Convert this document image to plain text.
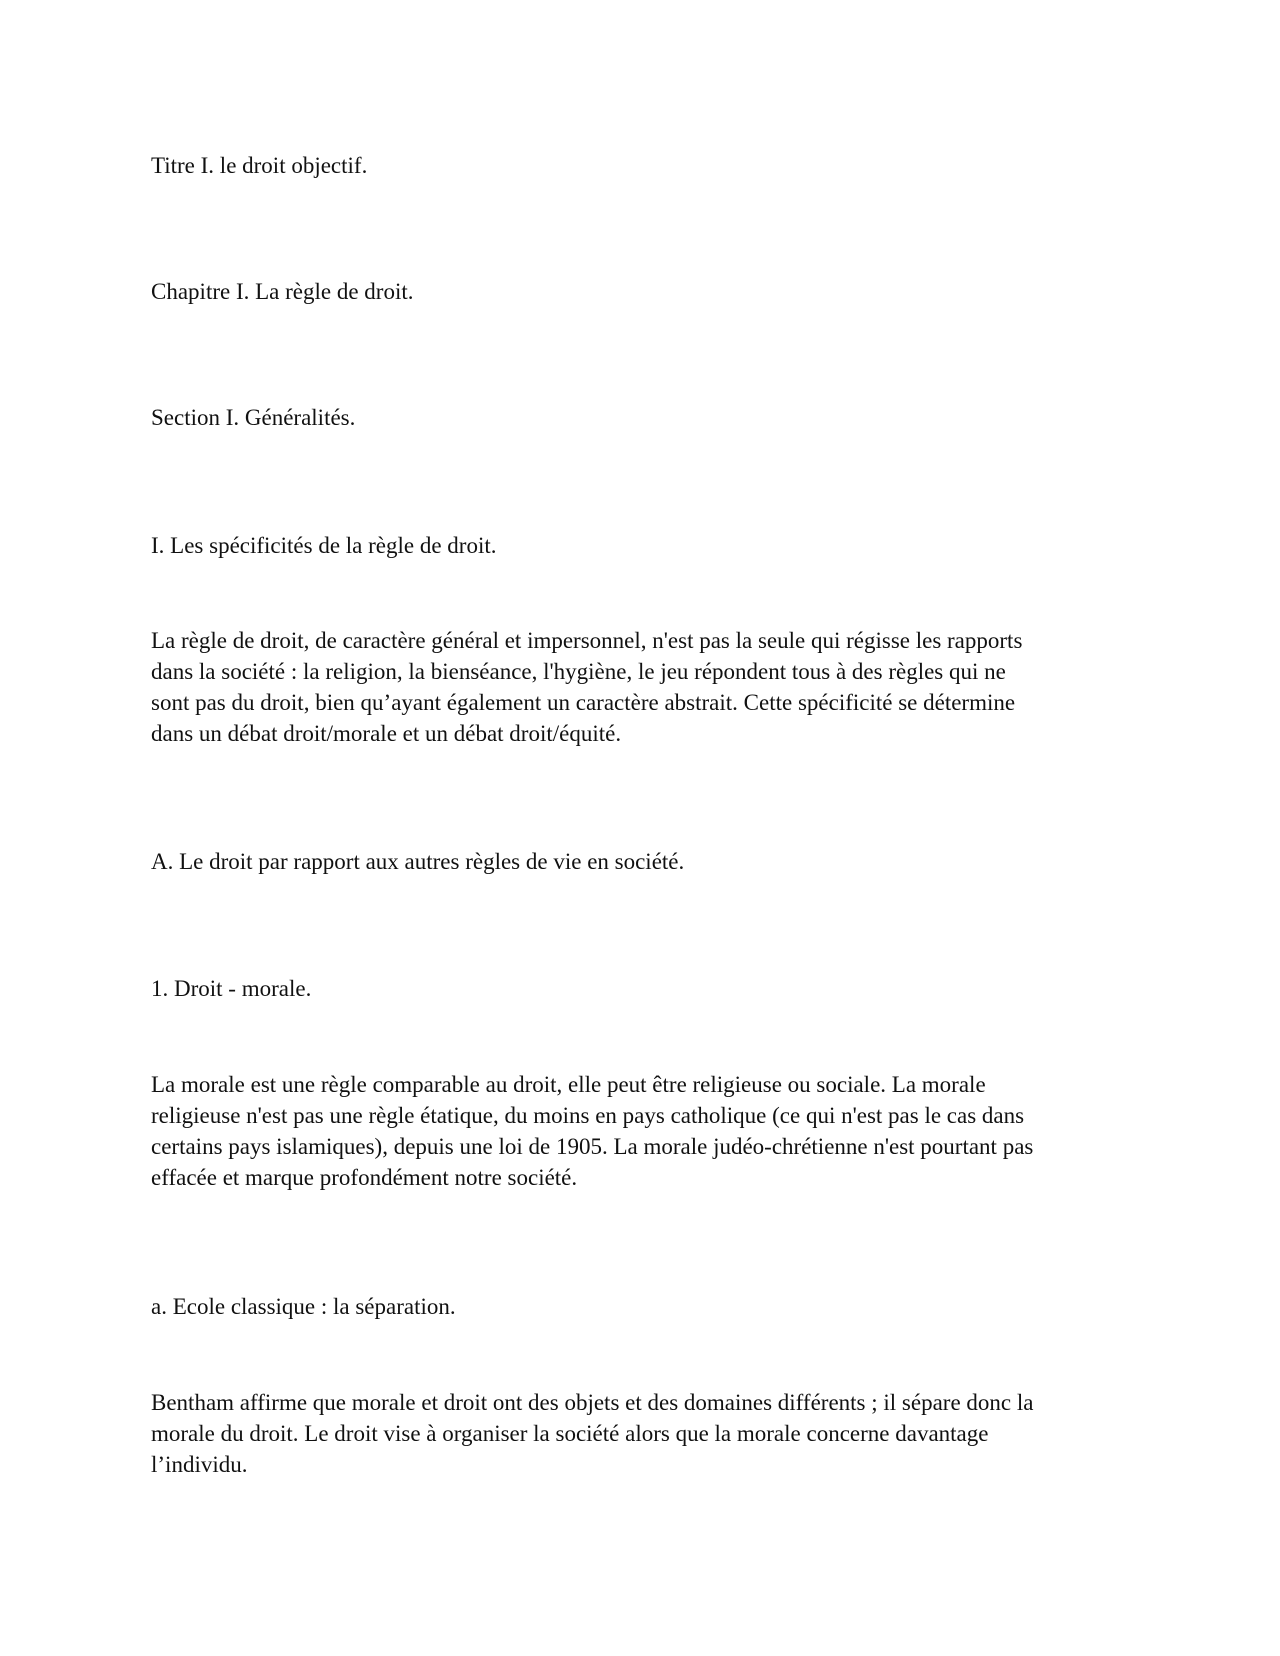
Titre I. le droit objectif.

Chapitre I. La règle de droit.

Section I. Généralités.

I. Les spécificités de la règle de droit.

La règle de droit, de caractère général et impersonnel, n'est pas la seule qui régisse les rapports
dans la société : la religion, la bienséance, l'hygiène, le jeu répondent tous à des règles qui ne
sont pas du droit, bien qu’ayant également un caractère abstrait. Cette spécificité se détermine
dans un débat droit/morale et un débat droit/équité.

A. Le droit par rapport aux autres règles de vie en société.

1. Droit - morale.

La morale est une règle comparable au droit, elle peut être religieuse ou sociale. La morale
religieuse n'est pas une règle étatique, du moins en pays catholique (ce qui n'est pas le cas dans
certains pays islamiques), depuis une loi de 1905. La morale judéo-chrétienne n'est pourtant pas
effacée et marque profondément notre société.

a. Ecole classique : la séparation.

Bentham affirme que morale et droit ont des objets et des domaines différents ; il sépare donc la
morale du droit. Le droit vise à organiser la société alors que la morale concerne davantage
l’individu.
